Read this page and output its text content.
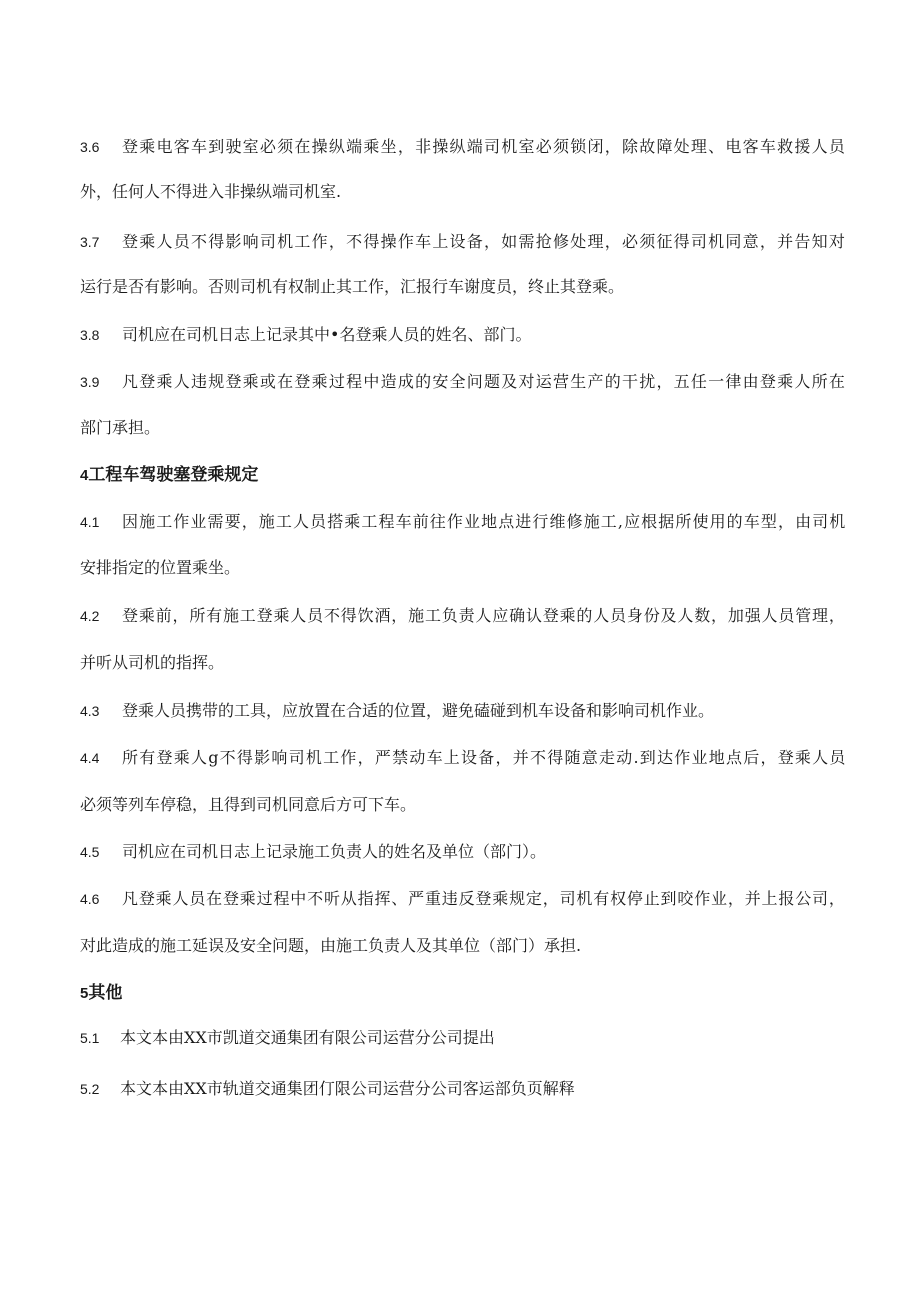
3.6 登乘电客车到驶室必须在操纵端乘坐，非操纵端司机室必须锁闭，除故障处理、电客车救援人员
外，任何人不得进入非操纵端司机室.
3.7 登乘人员不得影响司机工作，不得操作车上设备，如需抢修处理，必须征得司机同意，并告知对
运行是否有影响。否则司机有权制止其工作，汇报行车谢度员，终止其登乘。
3.8 司机应在司机日志上记录其中•名登乘人员的姓名、部门。
3.9 凡登乘人违规登乘或在登乘过程中造成的安全问题及对运营生产的干扰，五任一律由登乘人所在
部门承担。
4工程车驾驶塞登乘规定
4.1 因施工作业需要，施工人员搭乘工程车前往作业地点进行维修施工,应根据所使用的车型，由司机
安排指定的位置乘坐。
4.2 登乘前，所有施工登乘人员不得饮酒，施工负责人应确认登乘的人员身份及人数，加强人员管理，
并听从司机的指挥。
4.3 登乘人员携带的工具，应放置在合适的位置，避免磕碰到机车设备和影响司机作业。
4.4 所有登乘人g不得影响司机工作，严禁动车上设备，并不得随意走动.到达作业地点后，登乘人员
必须等列车停稳，且得到司机同意后方可下车。
4.5 司机应在司机日志上记录施工负责人的姓名及单位（部门）。
4.6 凡登乘人员在登乘过程中不听从指挥、严重违反登乘规定，司机有权停止到咬作业，并上报公司，
对此造成的施工延误及安全问题，由施工负责人及其单位（部门）承担.
5其他
5.1 本文本由XX市凯道交通集团有限公司运营分公司提出
5.2 本文本由XX市轨道交通集团仃限公司运营分公司客运部负页解释
